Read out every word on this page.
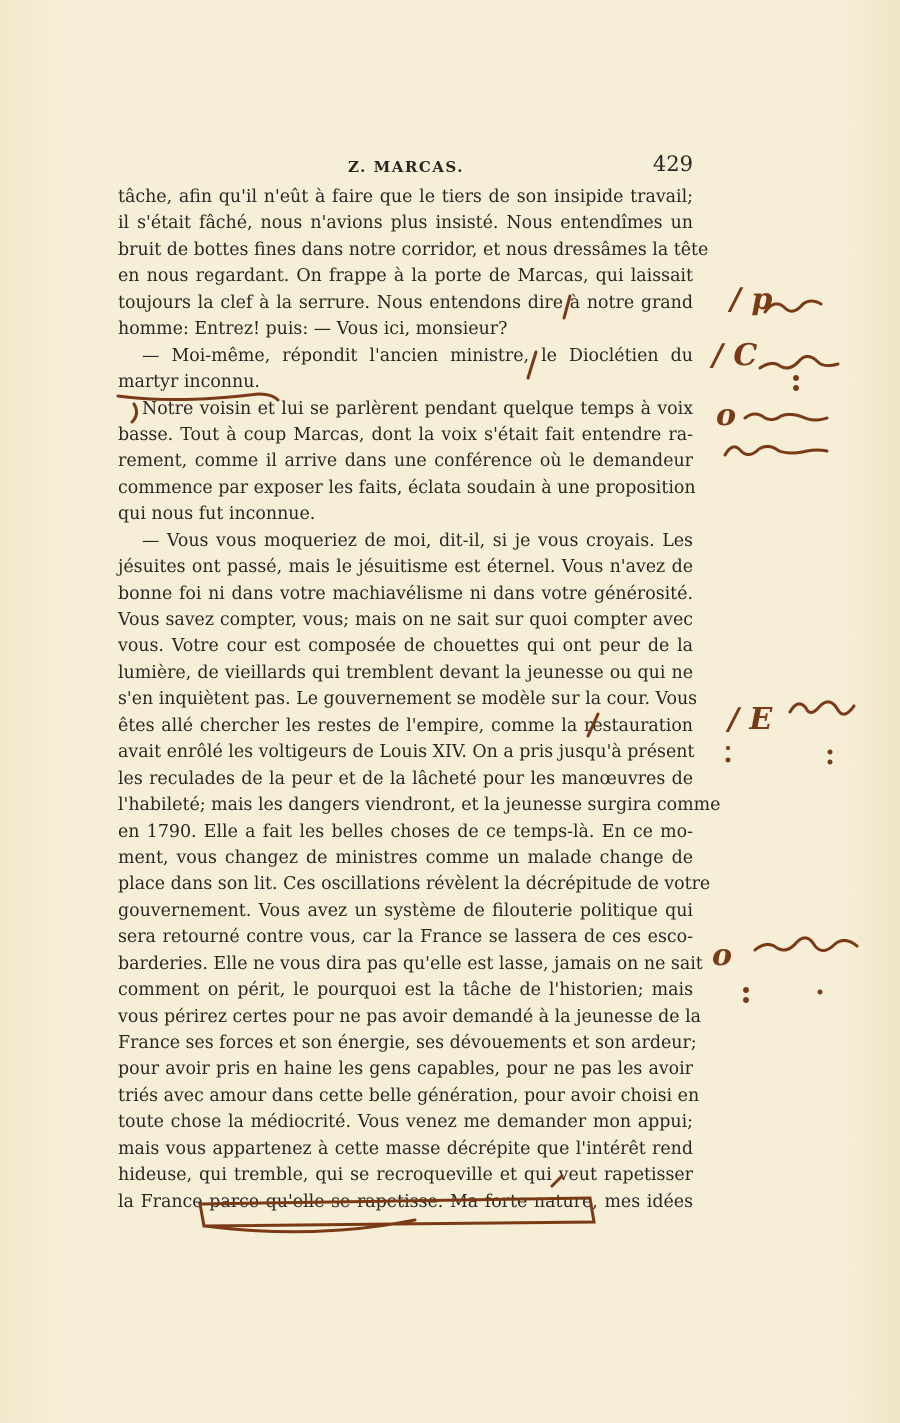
Z. MARCAS.	429
tâche, afin qu'il n'eût à faire que le tiers de son insipide travail;
il s'était fâché, nous n'avions plus insisté. Nous entendîmes un
bruit de bottes fines dans notre corridor, et nous dressâmes la tête
en nous regardant. On frappe à la porte de Marcas, qui laissait
toujours la clef à la serrure. Nous entendons dire à notre grand
homme: Entrez! puis: — Vous ici, monsieur?
— Moi-même, répondit l'ancien ministre, le Dioclétien du
martyr inconnu.
Notre voisin et lui se parlèrent pendant quelque temps à voix
basse. Tout à coup Marcas, dont la voix s'était fait entendre ra-
rement, comme il arrive dans une conférence où le demandeur
commence par exposer les faits, éclata soudain à une proposition
qui nous fut inconnue.
— Vous vous moqueriez de moi, dit-il, si je vous croyais. Les
jésuites ont passé, mais le jésuitisme est éternel. Vous n'avez de
bonne foi ni dans votre machiavélisme ni dans votre générosité.
Vous savez compter, vous; mais on ne sait sur quoi compter avec
vous. Votre cour est composée de chouettes qui ont peur de la
lumière, de vieillards qui tremblent devant la jeunesse ou qui ne
s'en inquiètent pas. Le gouvernement se modèle sur la cour. Vous
êtes allé chercher les restes de l'empire, comme la restauration
avait enrôlé les voltigeurs de Louis XIV. On a pris jusqu'à présent
les reculades de la peur et de la lâcheté pour les manœuvres de
l'habileté; mais les dangers viendront, et la jeunesse surgira comme
en 1790. Elle a fait les belles choses de ce temps-là. En ce mo-
ment, vous changez de ministres comme un malade change de
place dans son lit. Ces oscillations révèlent la décrépitude de votre
gouvernement. Vous avez un système de filouterie politique qui
sera retourné contre vous, car la France se lassera de ces esco-
barderies. Elle ne vous dira pas qu'elle est lasse, jamais on ne sait
comment on périt, le pourquoi est la tâche de l'historien; mais
vous périrez certes pour ne pas avoir demandé à la jeunesse de la
France ses forces et son énergie, ses dévouements et son ardeur;
pour avoir pris en haine les gens capables, pour ne pas les avoir
triés avec amour dans cette belle génération, pour avoir choisi en
toute chose la médiocrité. Vous venez me demander mon appui;
mais vous appartenez à cette masse décrépite que l'intérêt rend
hideuse, qui tremble, qui se recroqueville et qui veut rapetisser
la France parce qu'elle se rapetisse. Ma forte nature, mes idées
/ p
/ C
o
/ E
o
